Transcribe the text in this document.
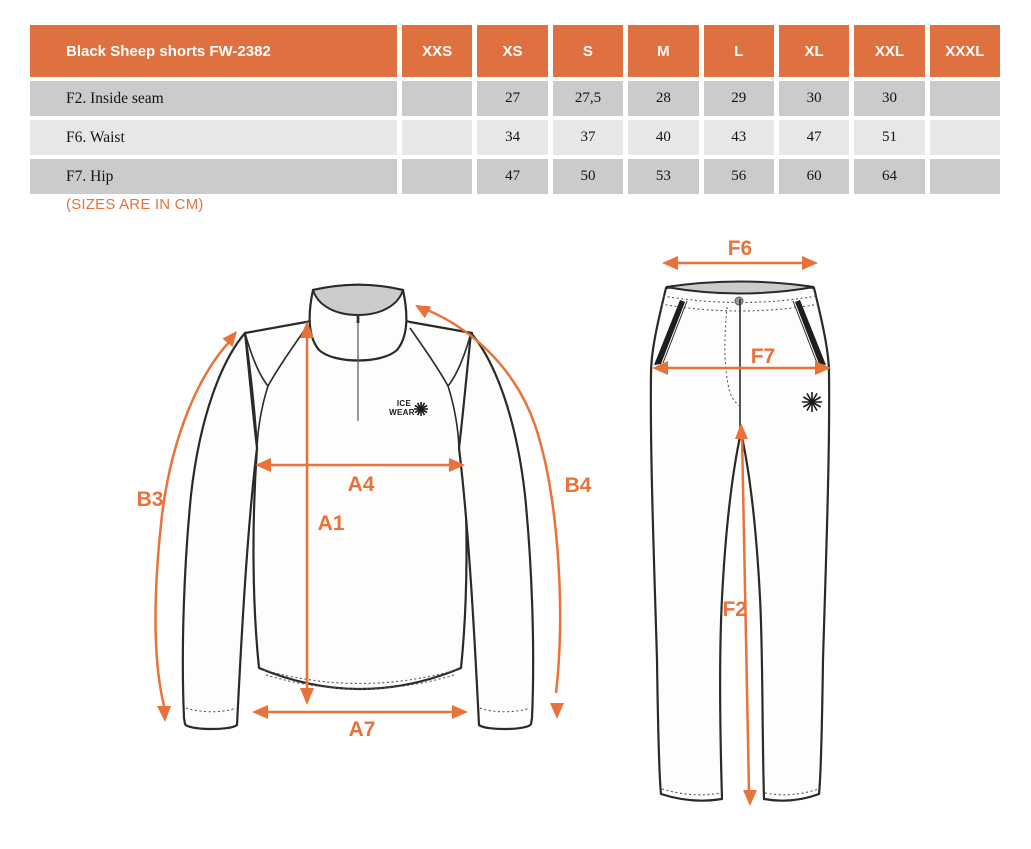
Black Sheep shorts FW-2382	XXS	XS	S	M	L	XL	XXL	XXXL
F2. Inside seam		27	27,5	28	29	30	30	
F6. Waist		34	37	40	43	47	51	
F7. Hip		47	50	53	56	60	64	

(SIZES ARE IN CM)

ICE
WEAR
B3
B4
A1
A4
A7
F6
F7
F2
